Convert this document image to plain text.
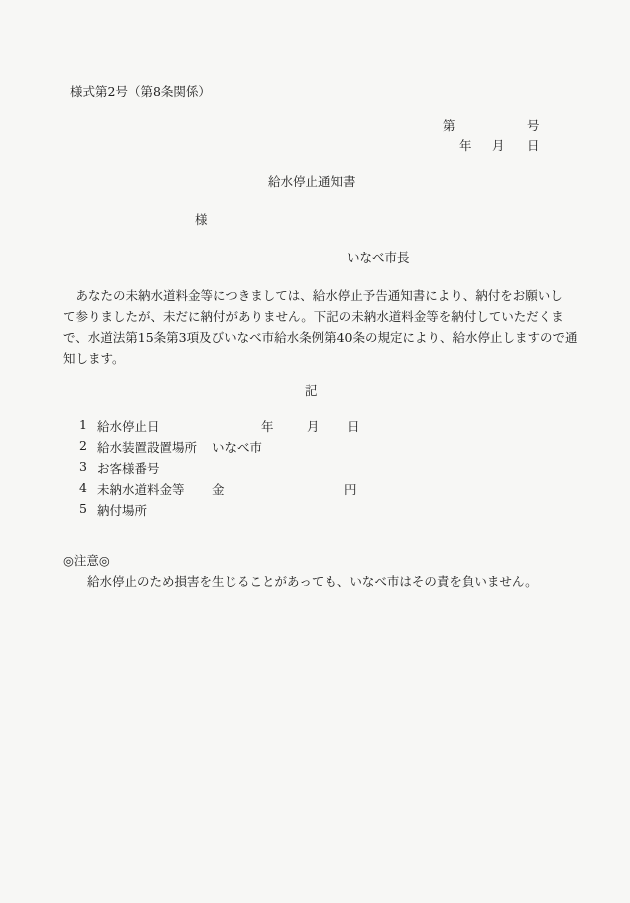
様式第2号（第8条関係）
第	号
年 月 日
給水停止通知書
様
いなべ市長
あなたの未納水道料金等につきましては、給水停止予告通知書により、納付をお願いし
て参りましたが、未だに納付がありません。下記の未納水道料金等を納付していただくま
で、水道法第15条第3項及びいなべ市給水条例第40条の規定により、給水停止しますので通
知します。
記
1 給水停止日	年	月 日
2 給水装置設置場所 いなべ市
3 お客様番号
4 未納水道料金等 金	円
5 納付場所
◎注意◎
給水停止のため損害を生じることがあっても、いなべ市はその責を負いません。
